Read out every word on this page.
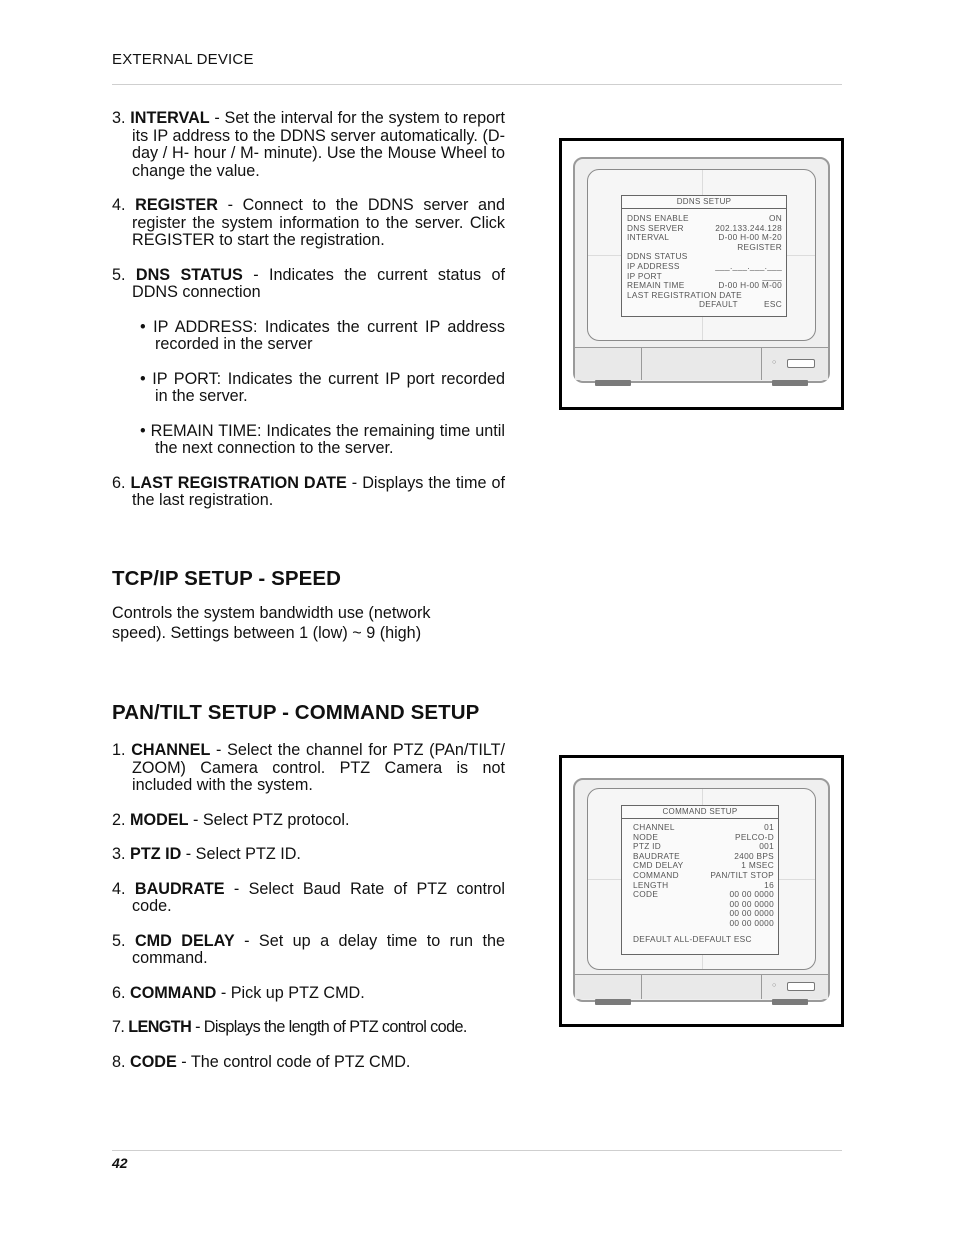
EXTERNAL DEVICE

3. INTERVAL - Set the interval for the system to report its IP address to the DDNS server automatically. (D- day / H- hour / M- minute). Use the Mouse Wheel to change the value.

4. REGISTER - Connect to the DDNS server and register the system information to the server. Click REGISTER to start the registration.

5. DNS STATUS - Indicates the current status of DDNS connection

• IP ADDRESS: Indicates the current IP address recorded in the server

• IP PORT: Indicates the current IP port recorded in the server.

• REMAIN TIME: Indicates the remaining time until the next connection to the server.

6. LAST REGISTRATION DATE - Displays the time of the last registration.

DDNS SETUP
DDNS ENABLE	ON
DNS SERVER	202.133.244.128
INTERVAL	D-00 H-00 M-20
REGISTER
DDNS STATUS
IP ADDRESS	___.___.___.___
IP PORT	____
REMAIN TIME	D-00 H-00 M-00
LAST REGISTRATION DATE
DEFAULT	ESC
○
TCP/IP SETUP - SPEED
Controls the system bandwidth use (network
speed). Settings between 1 (low) ~ 9 (high)
PAN/TILT SETUP - COMMAND SETUP

1. CHANNEL - Select the channel for PTZ (PAn/TILT/ ZOOM) Camera control. PTZ Camera is not included with the system.

2. MODEL - Select PTZ protocol.

3. PTZ ID - Select PTZ ID.

4. BAUDRATE - Select Baud Rate of PTZ control code.

5. CMD DELAY - Set up a delay time to run the command.

6. COMMAND - Pick up PTZ CMD.

7. LENGTH - Displays the length of PTZ control code.

8. CODE - The control code of PTZ CMD.

COMMAND SETUP
CHANNEL	01
NODE	PELCO-D
PTZ ID	001
BAUDRATE	2400 BPS
CMD DELAY	1 MSEC
COMMAND	PAN/TILT STOP
LENGTH	16
CODE	00 00 0000
00 00 0000
00 00 0000
00 00 0000
DEFAULT ALL-DEFAULT ESC
○
42
